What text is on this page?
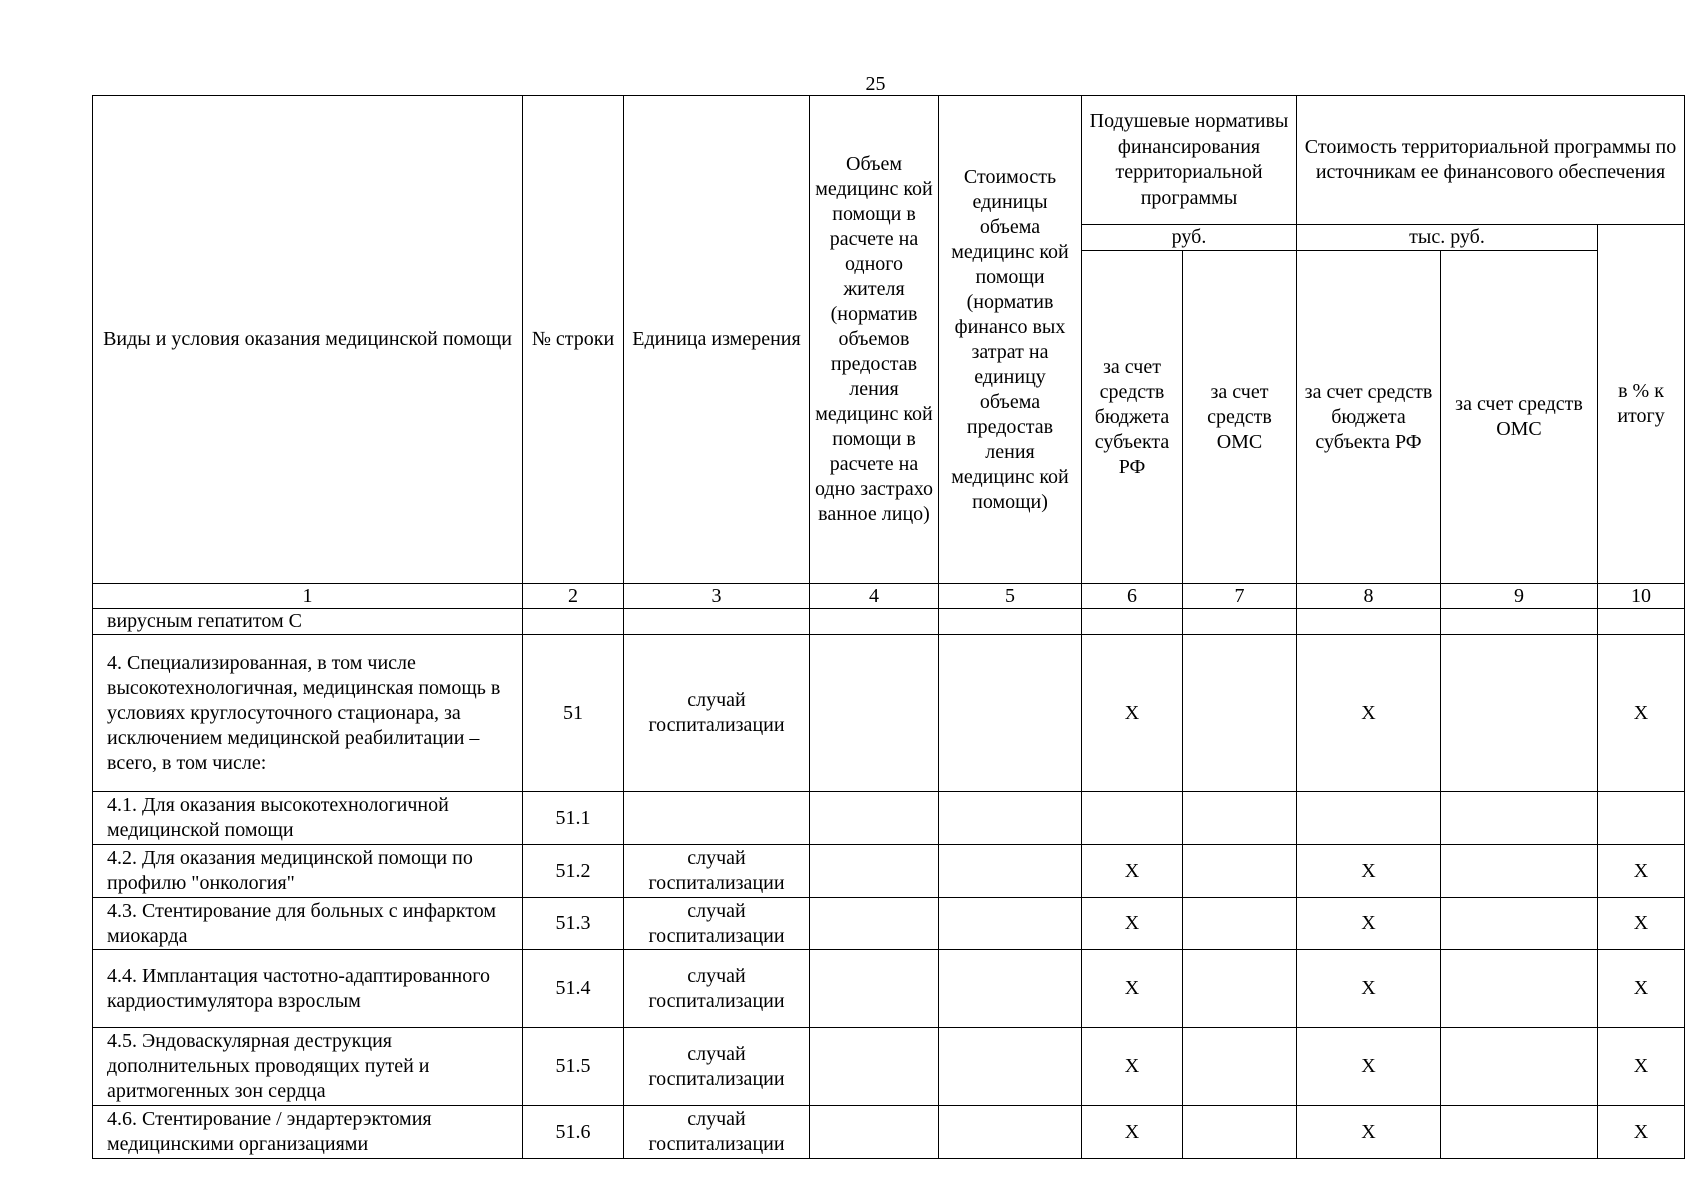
25
Виды и условия оказания медицинской помощи	№ строки	Единица измерения	Объем медицинс кой помощи в расчете на одного жителя (норматив объемов предостав ления медицинс кой помощи в расчете на одно застрахо ванное лицо)	Стоимость единицы объема медицинс кой помощи (норматив финансо вых затрат на единицу объема предостав ления медицинс кой помощи)	Подушевые нормативы финансирования территориальной программы		Стоимость территориальной программы по источникам ее финансового обеспечения		
					руб.		тыс. руб.		в % к итогу
					за счет средств бюджета субъекта РФ	за счет средств ОМС	за счет средств бюджета субъекта РФ	за счет средств ОМС	
1	2	3	4	5	6	7	8	9	10
вирусным гепатитом С									
4. Специализированная, в том числе высокотехнологичная, медицинская помощь в условиях круглосуточного стационара, за исключением медицинской реабилитации – всего, в том числе:	51	случай госпитализации			X		X		X
4.1. Для оказания высокотехнологичной медицинской помощи	51.1								
4.2. Для оказания медицинской помощи по профилю "онкология"	51.2	случай госпитализации			X		X		X
4.3. Стентирование для больных с инфарктом миокарда	51.3	случай госпитализации			X		X		X
4.4. Имплантация частотно-адаптированного кардиостимулятора взрослым	51.4	случай госпитализации			X		X		X
4.5. Эндоваскулярная деструкция дополнительных проводящих путей и аритмогенных зон сердца	51.5	случай госпитализации			X		X		X
4.6. Стентирование / эндартерэктомия медицинскими организациями	51.6	случай госпитализации			X		X		X
